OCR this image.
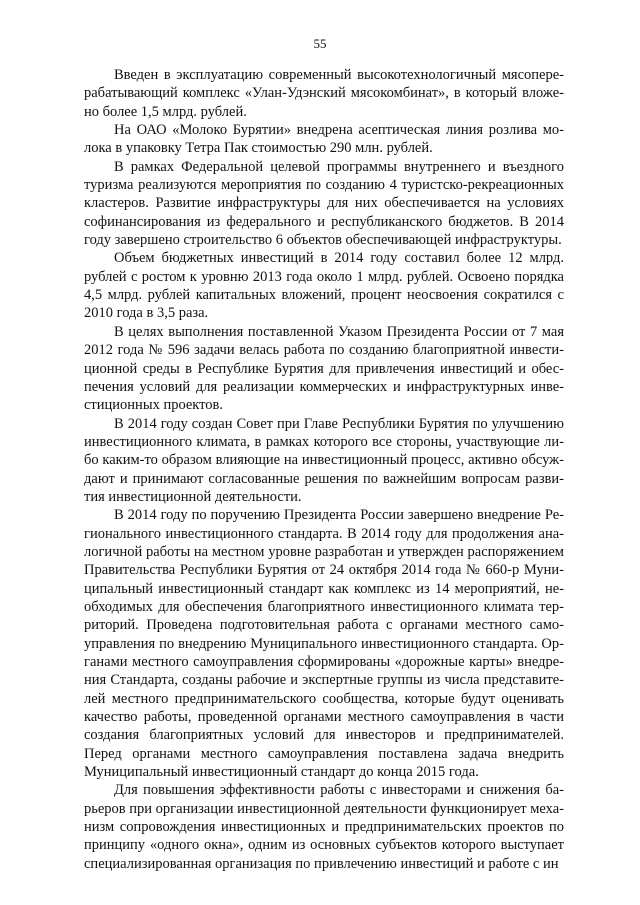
55

Введен в эксплуатацию современный высокотехнологичный мясоперерабатывающий комплекс «Улан-Удэнский мясокомбинат», в который вложено более 1,5 млрд. рублей.

На ОАО «Молоко Бурятии» внедрена асептическая линия розлива молока в упаковку Тетра Пак стоимостью 290 млн. рублей.

В рамках Федеральной целевой программы внутреннего и въездного туризма реализуются мероприятия по созданию 4 туристско-рекреационных кластеров. Развитие инфраструктуры для них обеспечивается на условиях софинансирования из федерального и республиканского бюджетов. В 2014 году завершено строительство 6 объектов обеспечивающей инфраструктуры.

Объем бюджетных инвестиций в 2014 году составил более 12 млрд. рублей с ростом к уровню 2013 года около 1 млрд. рублей. Освоено порядка 4,5 млрд. рублей капитальных вложений, процент неосвоения сократился с 2010 года в 3,5 раза.

В целях выполнения поставленной Указом Президента России от 7 мая 2012 года № 596 задачи велась работа по созданию благоприятной инвестиционной среды в Республике Бурятия для привлечения инвестиций и обеспечения условий для реализации коммерческих и инфраструктурных инвестиционных проектов.

В 2014 году создан Совет при Главе Республики Бурятия по улучшению инвестиционного климата, в рамках которого все стороны, участвующие либо каким-то образом влияющие на инвестиционный процесс, активно обсуждают и принимают согласованные решения по важнейшим вопросам развития инвестиционной деятельности.

В 2014 году по поручению Президента России завершено внедрение Регионального инвестиционного стандарта. В 2014 году для продолжения аналогичной работы на местном уровне разработан и утвержден распоряжением Правительства Республики Бурятия от 24 октября 2014 года № 660-р Муниципальный инвестиционный стандарт как комплекс из 14 мероприятий, необходимых для обеспечения благоприятного инвестиционного климата территорий. Проведена подготовительная работа с органами местного самоуправления по внедрению Муниципального инвестиционного стандарта. Органами местного самоуправления сформированы «дорожные карты» внедрения Стандарта, созданы рабочие и экспертные группы из числа представителей местного предпринимательского сообщества, которые будут оценивать качество работы, проведенной органами местного самоуправления в части создания благоприятных условий для инвесторов и предпринимателей. Перед органами местного самоуправления поставлена задача внедрить Муниципальный инвестиционный стандарт до конца 2015 года.

Для повышения эффективности работы с инвесторами и снижения барьеров при организации инвестиционной деятельности функционирует механизм сопровождения инвестиционных и предпринимательских проектов по принципу «одного окна», одним из основных субъектов которого выступает специализированная организация по привлечению инвестиций и работе с ин
